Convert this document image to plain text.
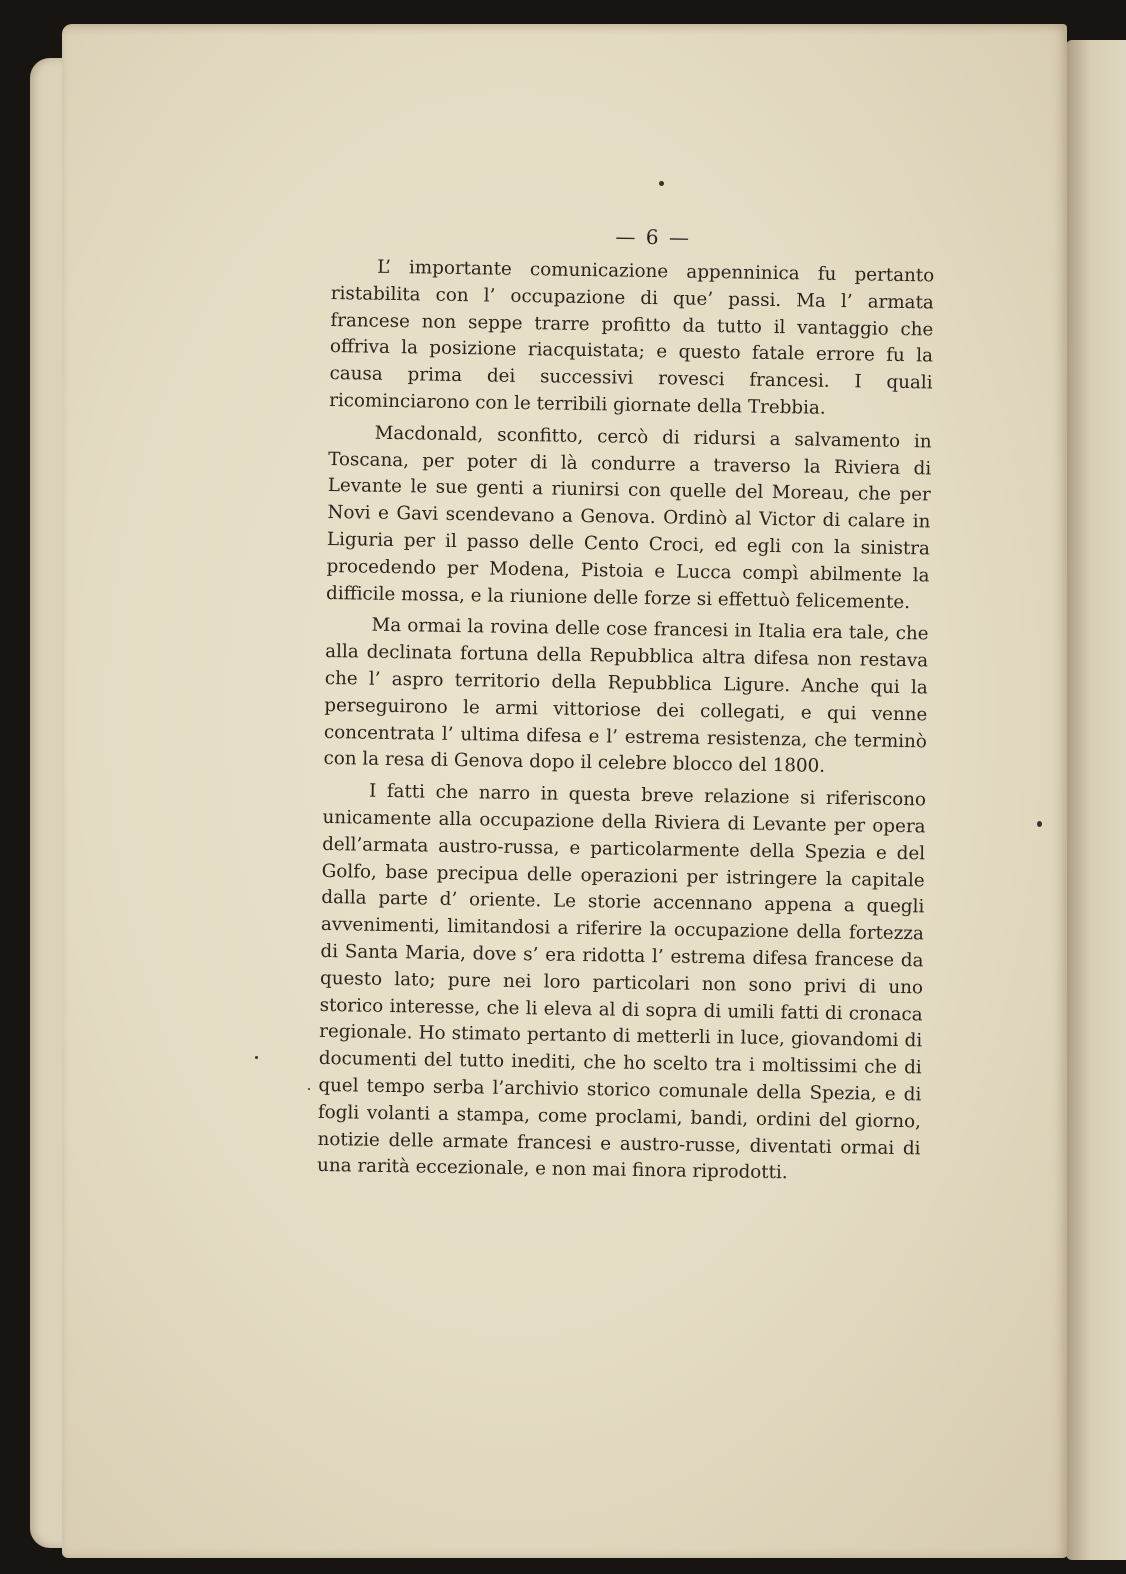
— 6 —

L’ importante comunicazione appenninica fu pertanto ristabilita con l’ occupazione di que’ passi. Ma l’ armata francese non seppe trarre profitto da tutto il vantaggio che offriva la posizione riacquistata; e questo fatale errore fu la causa prima dei successivi rovesci francesi. I quali ricominciarono con le terribili giornate della Trebbia.

Macdonald, sconfitto, cercò di ridursi a salvamento in Toscana, per poter di là condurre a traverso la Riviera di Levante le sue genti a riunirsi con quelle del Moreau, che per Novi e Gavi scendevano a Genova. Ordinò al Victor di calare in Liguria per il passo delle Cento Croci, ed egli con la sinistra procedendo per Modena, Pistoia e Lucca compì abilmente la difficile mossa, e la riunione delle forze si effettuò felicemente.

Ma ormai la rovina delle cose francesi in Italia era tale, che alla declinata fortuna della Repubblica altra difesa non restava che l’ aspro territorio della Repubblica Ligure. Anche qui la perseguirono le armi vittoriose dei collegati, e qui venne concentrata l’ ultima difesa e l’ estrema resistenza, che terminò con la resa di Genova dopo il celebre blocco del 1800.

I fatti che narro in questa breve relazione si riferiscono unicamente alla occupazione della Riviera di Levante per opera dell’armata austro-russa, e particolarmente della Spezia e del Golfo, base precipua delle operazioni per istringere la capitale dalla parte d’ oriente. Le storie accennano appena a quegli avvenimenti, limitandosi a riferire la occupazione della fortezza di Santa Maria, dove s’ era ridotta l’ estrema difesa francese da questo lato; pure nei loro particolari non sono privi di uno storico interesse, che li eleva al di sopra di umili fatti di cronaca regionale. Ho stimato pertanto di metterli in luce, giovandomi di documenti del tutto inediti, che ho scelto tra i moltissimi che di quel tempo serba l’archivio storico comunale della Spezia, e di fogli volanti a stampa, come proclami, bandi, ordini del giorno, notizie delle armate francesi e austro-russe, diventati ormai di una rarità eccezionale, e non mai finora riprodotti.
